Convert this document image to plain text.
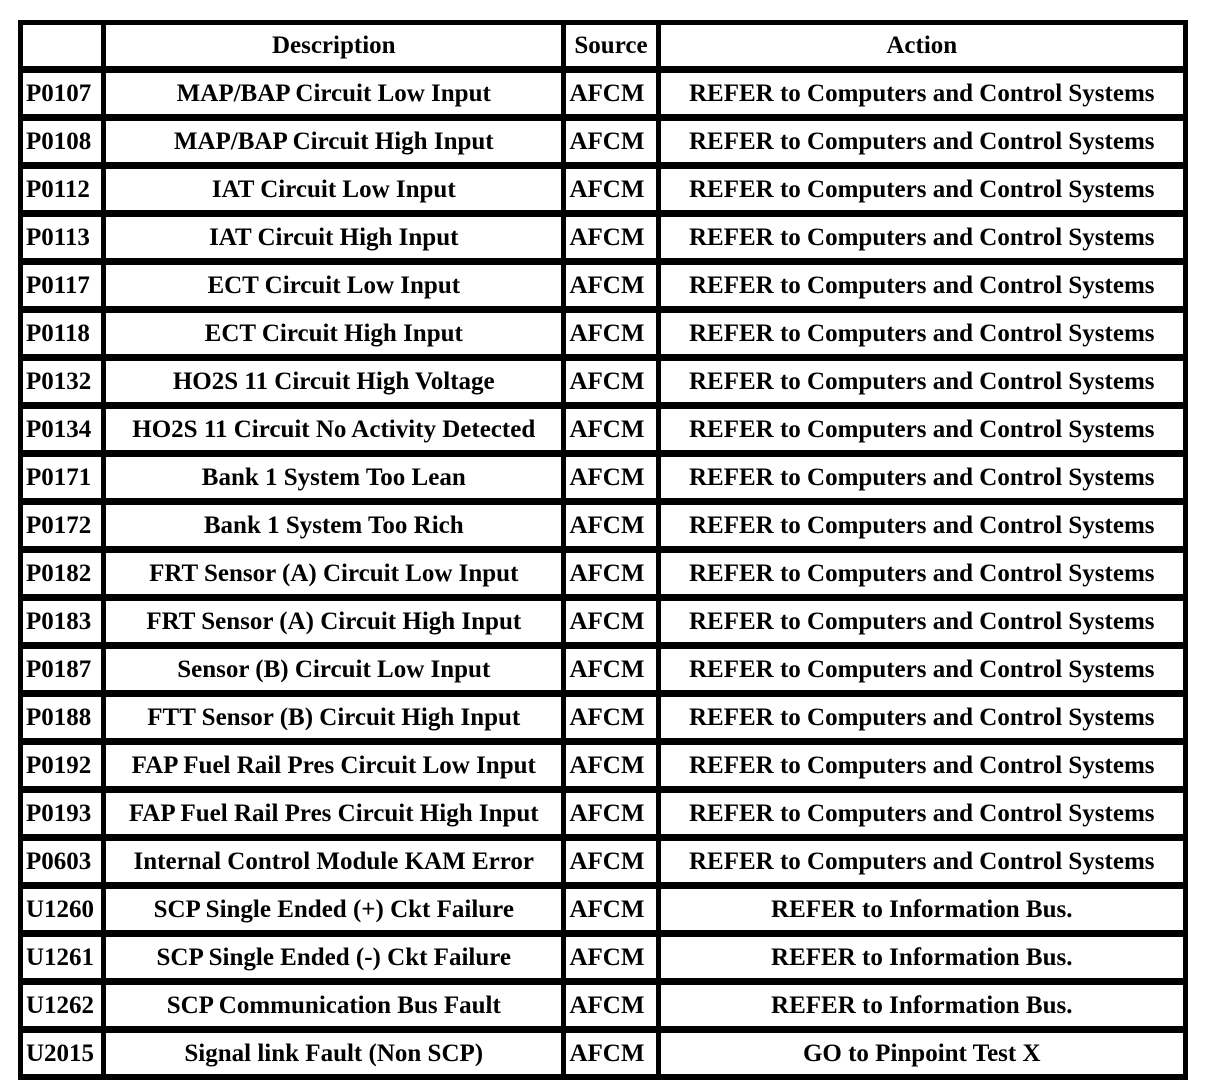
	Description	Source	Action
P0107	MAP/BAP Circuit Low Input	AFCM	REFER to Computers and Control Systems
P0108	MAP/BAP Circuit High Input	AFCM	REFER to Computers and Control Systems
P0112	IAT Circuit Low Input	AFCM	REFER to Computers and Control Systems
P0113	IAT Circuit High Input	AFCM	REFER to Computers and Control Systems
P0117	ECT Circuit Low Input	AFCM	REFER to Computers and Control Systems
P0118	ECT Circuit High Input	AFCM	REFER to Computers and Control Systems
P0132	HO2S 11 Circuit High Voltage	AFCM	REFER to Computers and Control Systems
P0134	HO2S 11 Circuit No Activity Detected	AFCM	REFER to Computers and Control Systems
P0171	Bank 1 System Too Lean	AFCM	REFER to Computers and Control Systems
P0172	Bank 1 System Too Rich	AFCM	REFER to Computers and Control Systems
P0182	FRT Sensor (A) Circuit Low Input	AFCM	REFER to Computers and Control Systems
P0183	FRT Sensor (A) Circuit High Input	AFCM	REFER to Computers and Control Systems
P0187	Sensor (B) Circuit Low Input	AFCM	REFER to Computers and Control Systems
P0188	FTT Sensor (B) Circuit High Input	AFCM	REFER to Computers and Control Systems
P0192	FAP Fuel Rail Pres Circuit Low Input	AFCM	REFER to Computers and Control Systems
P0193	FAP Fuel Rail Pres Circuit High Input	AFCM	REFER to Computers and Control Systems
P0603	Internal Control Module KAM Error	AFCM	REFER to Computers and Control Systems
U1260	SCP Single Ended (+) Ckt Failure	AFCM	REFER to Information Bus.
U1261	SCP Single Ended (-) Ckt Failure	AFCM	REFER to Information Bus.
U1262	SCP Communication Bus Fault	AFCM	REFER to Information Bus.
U2015	Signal link Fault (Non SCP)	AFCM	GO to Pinpoint Test X
